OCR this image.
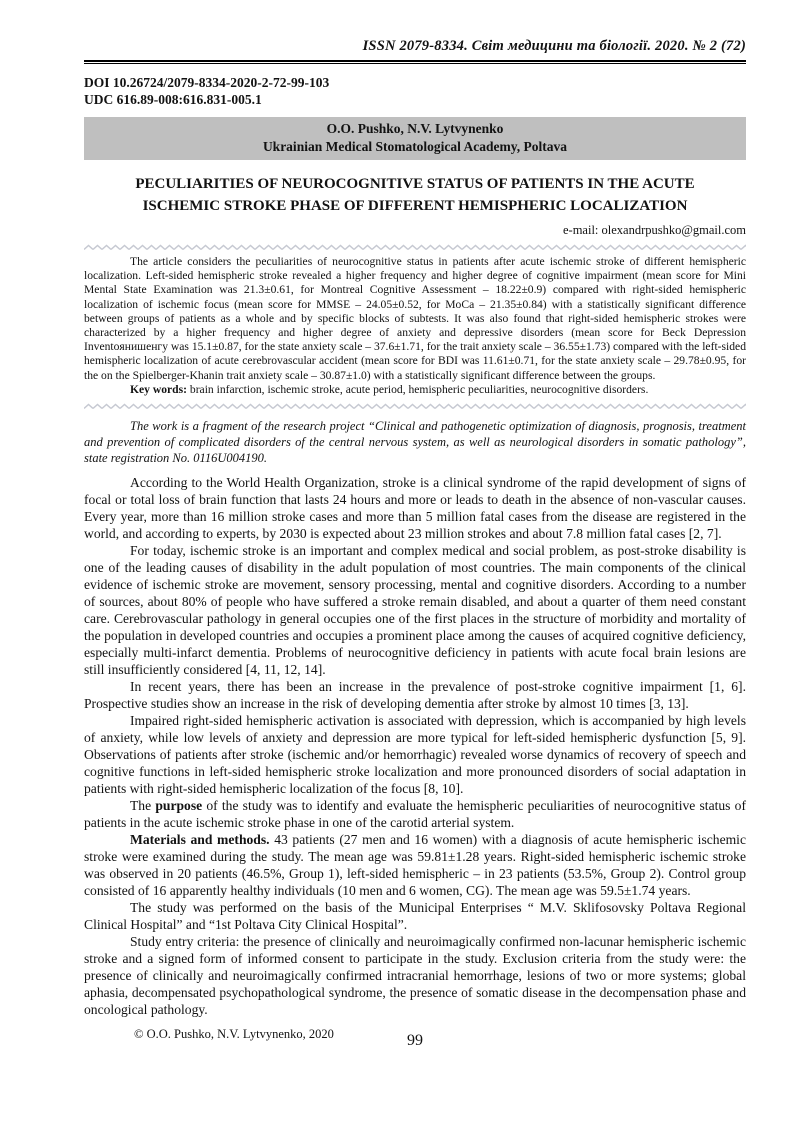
ISSN 2079-8334. Світ медицини та біології. 2020. № 2 (72)
DOI 10.26724/2079-8334-2020-2-72-99-103
UDC 616.89-008:616.831-005.1
O.O. Pushko, N.V. Lytvynenko
Ukrainian Medical Stomatological Academy, Poltava
PECULIARITIES OF NEUROCOGNITIVE STATUS OF PATIENTS IN THE ACUTE
ISCHEMIC STROKE PHASE OF DIFFERENT HEMISPHERIC LOCALIZATION
e-mail: olexandrpushko@gmail.com

The article considers the peculiarities of neurocognitive status in patients after acute ischemic stroke of different hemispheric localization. Left-sided hemispheric stroke revealed a higher frequency and higher degree of cognitive impairment (mean score for Mini Mental State Examination was 21.3±0.61, for Montreal Cognitive Assessment – 18.22±0.9) compared with right-sided hemispheric localization of ischemic focus (mean score for MMSE – 24.05±0.52, for MoCa – 21.35±0.84) with a statistically significant difference between groups of patients as a whole and by specific blocks of subtests. It was also found that right-sided hemispheric strokes were characterized by a higher frequency and higher degree of anxiety and depressive disorders (mean score for Beck Depression Inventoянишенгу was 15.1±0.87, for the state anxiety scale – 37.6±1.71, for the trait anxiety scale – 36.55±1.73) compared with the left-sided hemispheric localization of acute cerebrovascular accident (mean score for BDI was 11.61±0.71, for the state anxiety scale – 29.78±0.95, for the on the Spielberger-Khanin trait anxiety scale – 30.87±1.0) with a statistically significant difference between the groups.

Key words: brain infarction, ischemic stroke, acute period, hemispheric peculiarities, neurocognitive disorders.

The work is a fragment of the research project “Clinical and pathogenetic optimization of diagnosis, prognosis, treatment and prevention of complicated disorders of the central nervous system, as well as neurological disorders in somatic pathology”, state registration No. 0116U004190.

According to the World Health Organization, stroke is a clinical syndrome of the rapid development of signs of focal or total loss of brain function that lasts 24 hours and more or leads to death in the absence of non-vascular causes. Every year, more than 16 million stroke cases and more than 5 million fatal cases from the disease are registered in the world, and according to experts, by 2030 is expected about 23 million strokes and about 7.8 million fatal cases [2, 7].

For today, ischemic stroke is an important and complex medical and social problem, as post-stroke disability is one of the leading causes of disability in the adult population of most countries. The main components of the clinical evidence of ischemic stroke are movement, sensory processing, mental and cognitive disorders. According to a number of sources, about 80% of people who have suffered a stroke remain disabled, and about a quarter of them need constant care. Cerebrovascular pathology in general occupies one of the first places in the structure of morbidity and mortality of the population in developed countries and occupies a prominent place among the causes of acquired cognitive deficiency, especially multi-infarct dementia. Problems of neurocognitive deficiency in patients with acute focal brain lesions are still insufficiently considered [4, 11, 12, 14].

In recent years, there has been an increase in the prevalence of post-stroke cognitive impairment [1, 6]. Prospective studies show an increase in the risk of developing dementia after stroke by almost 10 times [3, 13].

Impaired right-sided hemispheric activation is associated with depression, which is accompanied by high levels of anxiety, while low levels of anxiety and depression are more typical for left-sided hemispheric dysfunction [5, 9]. Observations of patients after stroke (ischemic and/or hemorrhagic) revealed worse dynamics of recovery of speech and cognitive functions in left-sided hemispheric stroke localization and more pronounced disorders of social adaptation in patients with right-sided hemispheric localization of the focus [8, 10].

The purpose of the study was to identify and evaluate the hemispheric peculiarities of neurocognitive status of patients in the acute ischemic stroke phase in one of the carotid arterial system.

Materials and methods. 43 patients (27 men and 16 women) with a diagnosis of acute hemispheric ischemic stroke were examined during the study. The mean age was 59.81±1.28 years. Right-sided hemispheric ischemic stroke was observed in 20 patients (46.5%, Group 1), left-sided hemispheric – in 23 patients (53.5%, Group 2). Control group consisted of 16 apparently healthy individuals (10 men and 6 women, CG). The mean age was 59.5±1.74 years.

The study was performed on the basis of the Municipal Enterprises “ M.V. Sklifosovsky Poltava Regional Clinical Hospital” and “1st Poltava City Clinical Hospital”.

Study entry criteria: the presence of clinically and neuroimagically confirmed non-lacunar hemispheric ischemic stroke and a signed form of informed consent to participate in the study. Exclusion criteria from the study were: the presence of clinically and neuroimagically confirmed intracranial hemorrhage, lesions of two or more systems; global aphasia, decompensated psychopathological syndrome, the presence of somatic disease in the decompensation phase and oncological pathology.

© O.O. Pushko, N.V. Lytvynenko, 2020	99
